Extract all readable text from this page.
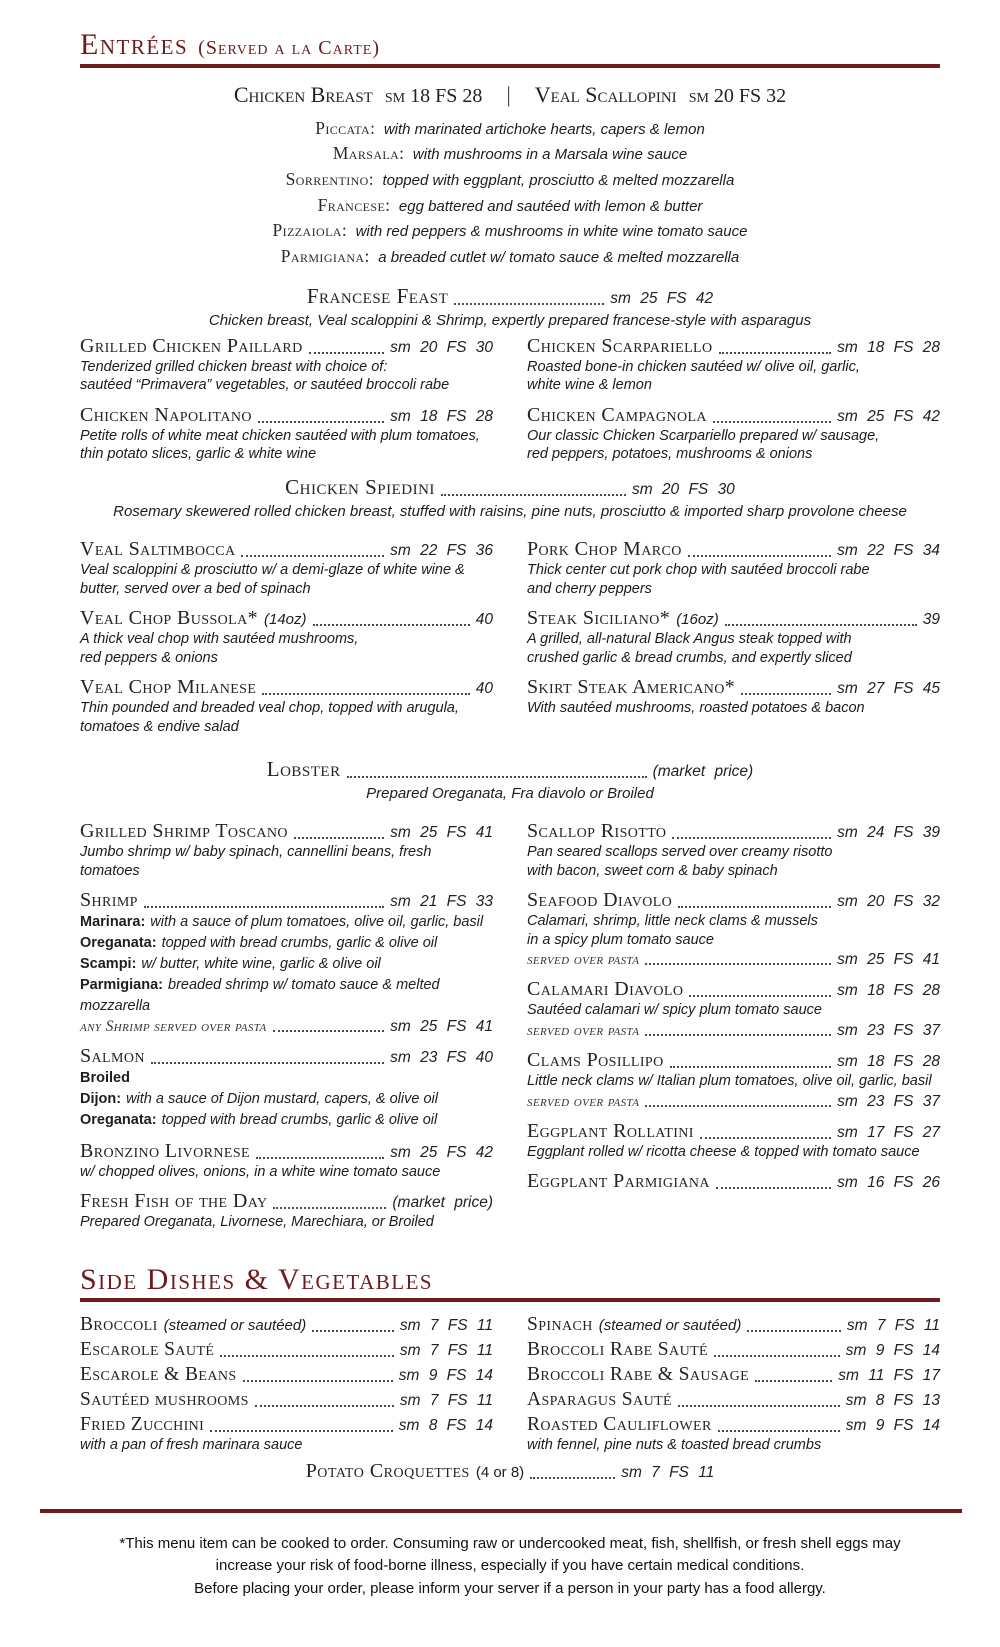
Entrées (Served a la Carte)
Chicken Breast sm 18 FS 28 | Veal Scallopini sm 20 FS 32
Piccata: with marinated artichoke hearts, capers & lemon
Marsala: with mushrooms in a Marsala wine sauce
Sorrentino: topped with eggplant, prosciutto & melted mozzarella
Francese: egg battered and sautéed with lemon & butter
Pizzaiola: with red peppers & mushrooms in white wine tomato sauce
Parmigiana: a breaded cutlet w/ tomato sauce & melted mozzarella
Francese Feast	sm 25 FS 42
Chicken breast, Veal scaloppini & Shrimp, expertly prepared francese-style with asparagus
Grilled Chicken Paillard	sm 20 FS 30
Tenderized grilled chicken breast with choice of:
sautéed “Primavera” vegetables, or sautéed broccoli rabe
Chicken Napolitano	sm 18 FS 28
Petite rolls of white meat chicken sautéed with plum tomatoes,
thin potato slices, garlic & white wine
Chicken Scarpariello	sm 18 FS 28
Roasted bone-in chicken sautéed w/ olive oil, garlic,
white wine & lemon
Chicken Campagnola	sm 25 FS 42
Our classic Chicken Scarpariello prepared w/ sausage,
red peppers, potatoes, mushrooms & onions
Chicken Spiedini	sm 20 FS 30
Rosemary skewered rolled chicken breast, stuffed with raisins, pine nuts, prosciutto & imported sharp provolone cheese
Veal Saltimbocca	sm 22 FS 36
Veal scaloppini & prosciutto w/ a demi-glaze of white wine &
butter, served over a bed of spinach
Veal Chop Bussola* (14oz)	40
A thick veal chop with sautéed mushrooms,
red peppers & onions
Veal Chop Milanese	40
Thin pounded and breaded veal chop, topped with arugula,
tomatoes & endive salad
Pork Chop Marco	sm 22 FS 34
Thick center cut pork chop with sautéed broccoli rabe
and cherry peppers
Steak Siciliano* (16oz)	39
A grilled, all-natural Black Angus steak topped with
crushed garlic & bread crumbs, and expertly sliced
Skirt Steak Americano*	sm 27 FS 45
With sautéed mushrooms, roasted potatoes & bacon
Lobster	(market price)
Prepared Oreganata, Fra diavolo or Broiled
Grilled Shrimp Toscano	sm 25 FS 41
Jumbo shrimp w/ baby spinach, cannellini beans, fresh tomatoes
Shrimp	sm 21 FS 33
Marinara: with a sauce of plum tomatoes, olive oil, garlic, basil
Oreganata: topped with bread crumbs, garlic & olive oil
Scampi: w/ butter, white wine, garlic & olive oil
Parmigiana: breaded shrimp w/ tomato sauce & melted mozzarella
any Shrimp served over pasta	sm 25 FS 41
Salmon	sm 23 FS 40
Broiled
Dijon: with a sauce of Dijon mustard, capers, & olive oil
Oreganata: topped with bread crumbs, garlic & olive oil
Bronzino Livornese	sm 25 FS 42
w/ chopped olives, onions, in a white wine tomato sauce
Fresh Fish of the Day	(market price)
Prepared Oreganata, Livornese, Marechiara, or Broiled
Scallop Risotto	sm 24 FS 39
Pan seared scallops served over creamy risotto
with bacon, sweet corn & baby spinach
Seafood Diavolo	sm 20 FS 32
Calamari, shrimp, little neck clams & mussels
in a spicy plum tomato sauce
served over pasta	sm 25 FS 41
Calamari Diavolo	sm 18 FS 28
Sautéed calamari w/ spicy plum tomato sauce
served over pasta	sm 23 FS 37
Clams Posillipo	sm 18 FS 28
Little neck clams w/ Italian plum tomatoes, olive oil, garlic, basil
served over pasta	sm 23 FS 37
Eggplant Rollatini	sm 17 FS 27
Eggplant rolled w/ ricotta cheese & topped with tomato sauce
Eggplant Parmigiana	sm 16 FS 26
Side Dishes & Vegetables
Broccoli (steamed or sautéed)	sm 7 FS 11
Escarole Sauté	sm 7 FS 11
Escarole & Beans	sm 9 FS 14
Sautéed mushrooms	sm 7 FS 11
Fried Zucchini	sm 8 FS 14
with a pan of fresh marinara sauce
Spinach (steamed or sautéed)	sm 7 FS 11
Broccoli Rabe Sauté	sm 9 FS 14
Broccoli Rabe & Sausage	sm 11 FS 17
Asparagus Sauté	sm 8 FS 13
Roasted Cauliflower	sm 9 FS 14
with fennel, pine nuts & toasted bread crumbs
Potato Croquettes (4 or 8)	sm 7 FS 11
*This menu item can be cooked to order. Consuming raw or undercooked meat, fish, shellfish, or fresh shell eggs may
increase your risk of food-borne illness, especially if you have certain medical conditions.
Before placing your order, please inform your server if a person in your party has a food allergy.
